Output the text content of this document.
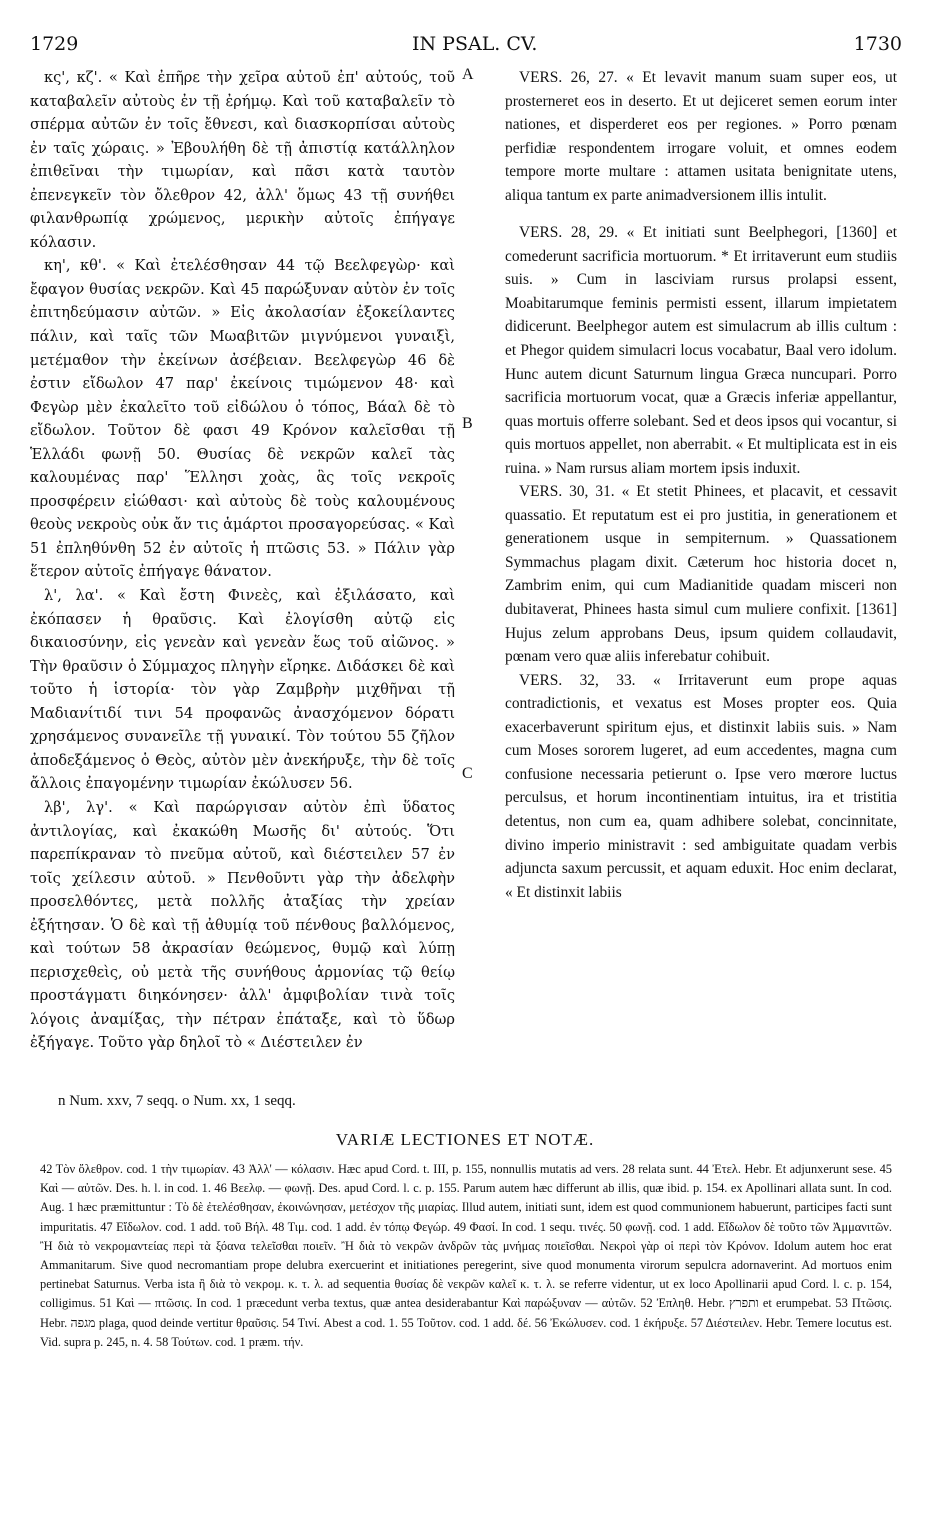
1729	IN PSAL. CV.	1730
A
B
C

κς', κζ'. « Καὶ ἐπῆρε τὴν χεῖρα αὐτοῦ ἐπ' αὐτούς, τοῦ καταβαλεῖν αὐτοὺς ἐν τῇ ἐρήμῳ. Καὶ τοῦ καταβαλεῖν τὸ σπέρμα αὐτῶν ἐν τοῖς ἔθνεσι, καὶ διασκορπίσαι αὐτοὺς ἐν ταῖς χώραις. » Ἐβουλήθη δὲ τῇ ἀπιστίᾳ κατάλληλον ἐπιθεῖναι τὴν τιμωρίαν, καὶ πᾶσι κατὰ ταυτὸν ἐπενεγκεῖν τὸν ὄλεθρον 42, ἀλλ' ὅμως 43 τῇ συνήθει φιλανθρωπίᾳ χρώμενος, μερικὴν αὐτοῖς ἐπήγαγε κόλασιν.

κη', κθ'. « Καὶ ἐτελέσθησαν 44 τῷ Βεελφεγὼρ· καὶ ἔφαγον θυσίας νεκρῶν. Καὶ 45 παρώξυναν αὐτὸν ἐν τοῖς ἐπιτηδεύμασιν αὐτῶν. » Εἰς ἀκολασίαν ἐξοκείλαντες πάλιν, καὶ ταῖς τῶν Μωαβιτῶν μιγνύμενοι γυναιξὶ, μετέμαθον τὴν ἐκείνων ἀσέβειαν. Βεελφεγὼρ 46 δὲ ἐστιν εἴδωλον 47 παρ' ἐκείνοις τιμώμενον 48· καὶ Φεγὼρ μὲν ἐκαλεῖτο τοῦ εἰδώλου ὁ τόπος, Βάαλ δὲ τὸ εἴδωλον. Τοῦτον δὲ φασι 49 Κρόνον καλεῖσθαι τῇ Ἑλλάδι φωνῇ 50. Θυσίας δὲ νεκρῶν καλεῖ τὰς καλουμένας παρ' Ἕλλησι χοὰς, ἃς τοῖς νεκροῖς προσφέρειν εἰώθασι· καὶ αὐτοὺς δὲ τοὺς καλουμένους θεοὺς νεκροὺς οὐκ ἄν τις ἁμάρτοι προσαγορεύσας. « Καὶ 51 ἐπληθύνθη 52 ἐν αὐτοῖς ἡ πτῶσις 53. » Πάλιν γὰρ ἕτερον αὐτοῖς ἐπήγαγε θάνατον.

λ', λα'. « Καὶ ἔστη Φινεὲς, καὶ ἐξιλάσατο, καὶ ἐκόπασεν ἡ θραῦσις. Καὶ ἐλογίσθη αὐτῷ εἰς δικαιοσύνην, εἰς γενεὰν καὶ γενεὰν ἕως τοῦ αἰῶνος. » Τὴν θραῦσιν ὁ Σύμμαχος πληγὴν εἴρηκε. Διδάσκει δὲ καὶ τοῦτο ἡ ἱστορία· τὸν γὰρ Ζαμβρὴν μιχθῆναι τῇ Μαδιανίτιδί τινι 54 προφανῶς ἀνασχόμενον δόρατι χρησάμενος συνανεῖλε τῇ γυναικί. Τὸν τούτου 55 ζῆλον ἀποδεξάμενος ὁ Θεὸς, αὐτὸν μὲν ἀνεκήρυξε, τὴν δὲ τοῖς ἄλλοις ἐπαγομένην τιμωρίαν ἐκώλυσεν 56.

λβ', λγ'. « Καὶ παρώργισαν αὐτὸν ἐπὶ ὕδατος ἀντιλογίας, καὶ ἐκακώθη Μωσῆς δι' αὐτούς. Ὅτι παρεπίκραναν τὸ πνεῦμα αὐτοῦ, καὶ διέστειλεν 57 ἐν τοῖς χείλεσιν αὐτοῦ. » Πενθοῦντι γὰρ τὴν ἀδελφὴν προσελθόντες, μετὰ πολλῆς ἀταξίας τὴν χρείαν ἐξήτησαν. Ὁ δὲ καὶ τῇ ἀθυμίᾳ τοῦ πένθους βαλλόμενος, καὶ τούτων 58 ἀκρασίαν θεώμενος, θυμῷ καὶ λύπῃ περισχεθεὶς, οὐ μετὰ τῆς συνήθους ἁρμονίας τῷ θείῳ προστάγματι διηκόνησεν· ἀλλ' ἀμφιβολίαν τινὰ τοῖς λόγοις ἀναμίξας, τὴν πέτραν ἐπάταξε, καὶ τὸ ὕδωρ ἐξήγαγε. Τοῦτο γὰρ δηλοῖ τὸ « Διέστειλεν ἐν

VERS. 26, 27. « Et levavit manum suam super eos, ut prosterneret eos in deserto. Et ut dejiceret semen eorum inter nationes, et disperderet eos per regiones. » Porro pœnam perfidiæ respondentem irrogare voluit, et omnes eodem tempore morte multare : attamen usitata benignitate utens, aliqua tantum ex parte animadversionem illis intulit.

VERS. 28, 29. « Et initiati sunt Beelphegori, [1360] et comederunt sacrificia mortuorum. * Et irritaverunt eum studiis suis. » Cum in lasciviam rursus prolapsi essent, Moabitarumque feminis permisti essent, illarum impietatem didicerunt. Beelphegor autem est simulacrum ab illis cultum : et Phegor quidem simulacri locus vocabatur, Baal vero idolum. Hunc autem dicunt Saturnum lingua Græca nuncupari. Porro sacrificia mortuorum vocat, quæ a Græcis inferiæ appellantur, quas mortuis offerre solebant. Sed et deos ipsos qui vocantur, si quis mortuos appellet, non aberrabit. « Et multiplicata est in eis ruina. » Nam rursus aliam mortem ipsis induxit.

VERS. 30, 31. « Et stetit Phinees, et placavit, et cessavit quassatio. Et reputatum est ei pro justitia, in generationem et generationem usque in sempiternum. » Quassationem Symmachus plagam dixit. Cæterum hoc historia docet n, Zambrim enim, qui cum Madianitide quadam misceri non dubitaverat, Phinees hasta simul cum muliere confixit. [1361] Hujus zelum approbans Deus, ipsum quidem collaudavit, pœnam vero quæ aliis inferebatur cohibuit.

VERS. 32, 33. « Irritaverunt eum prope aquas contradictionis, et vexatus est Moses propter eos. Quia exacerbaverunt spiritum ejus, et distinxit labiis suis. » Nam cum Moses sororem lugeret, ad eum accedentes, magna cum confusione necessaria petierunt o. Ipse vero mœrore luctus perculsus, et horum incontinentiam intuitus, ira et tristitia detentus, non cum ea, quam adhibere solebat, concinnitate, divino imperio ministravit : sed ambiguitate quadam verbis adjuncta saxum percussit, et aquam eduxit. Hoc enim declarat, « Et distinxit labiis

n Num. xxv, 7 seqq. o Num. xx, 1 seqq.
VARIÆ LECTIONES ET NOTÆ.

42 Τὸν ὄλεθρον. cod. 1 τὴν τιμωρίαν. 43 Ἀλλ' — κόλασιν. Hæc apud Cord. t. III, p. 155, nonnullis mutatis ad vers. 28 relata sunt. 44 Ἐτελ. Hebr. Et adjunxerunt sese. 45 Καὶ — αὐτῶν. Des. h. l. in cod. 1. 46 Βεελφ. — φωνῇ. Des. apud Cord. l. c. p. 155. Parum autem hæc differunt ab illis, quæ ibid. p. 154. ex Apollinari allata sunt. In cod. Aug. 1 hæc præmittuntur : Τὸ δὲ ἐτελέσθησαν, ἐκοινώνησαν, μετέσχον τῆς μιαρίας. Illud autem, initiati sunt, idem est quod communionem habuerunt, participes facti sunt impuritatis. 47 Εἴδωλον. cod. 1 add. τοῦ Βήλ. 48 Τιμ. cod. 1 add. ἐν τόπῳ Φεγώρ. 49 Φασί. In cod. 1 sequ. τινές. 50 φωνῇ. cod. 1 add. Εἴδωλον δὲ τοῦτο τῶν Ἀμμανιτῶν. Ἢ διὰ τὸ νεκρομαντείας περὶ τὰ ξόανα τελεῖσθαι ποιεῖν. Ἢ διὰ τὸ νεκρῶν ἀνδρῶν τὰς μνήμας ποιεῖσθαι. Νεκροὶ γὰρ οἱ περὶ τὸν Κρόνον. Idolum autem hoc erat Ammanitarum. Sive quod necromantiam prope delubra exercuerint et initiationes peregerint, sive quod monumenta virorum sepulcra adornaverint. Ad mortuos enim pertinebat Saturnus. Verba ista ἢ διὰ τὸ νεκρομ. κ. τ. λ. ad sequentia θυσίας δὲ νεκρῶν καλεῖ κ. τ. λ. se referre videntur, ut ex loco Apollinarii apud Cord. l. c. p. 154, colligimus. 51 Καὶ — πτῶσις. In cod. 1 præcedunt verba textus, quæ antea desiderabantur Καὶ παρώξυναν — αὐτῶν. 52 Ἐπληθ. Hebr. ותפרץ et erumpebat. 53 Πτῶσις. Hebr. מגפה plaga, quod deinde vertitur θραῦσις. 54 Τινί. Abest a cod. 1. 55 Τοῦτον. cod. 1 add. δέ. 56 Ἐκώλυσεν. cod. 1 ἐκήρυξε. 57 Διέστειλεν. Hebr. Temere locutus est. Vid. supra p. 245, n. 4. 58 Τούτων. cod. 1 præm. τήν.
